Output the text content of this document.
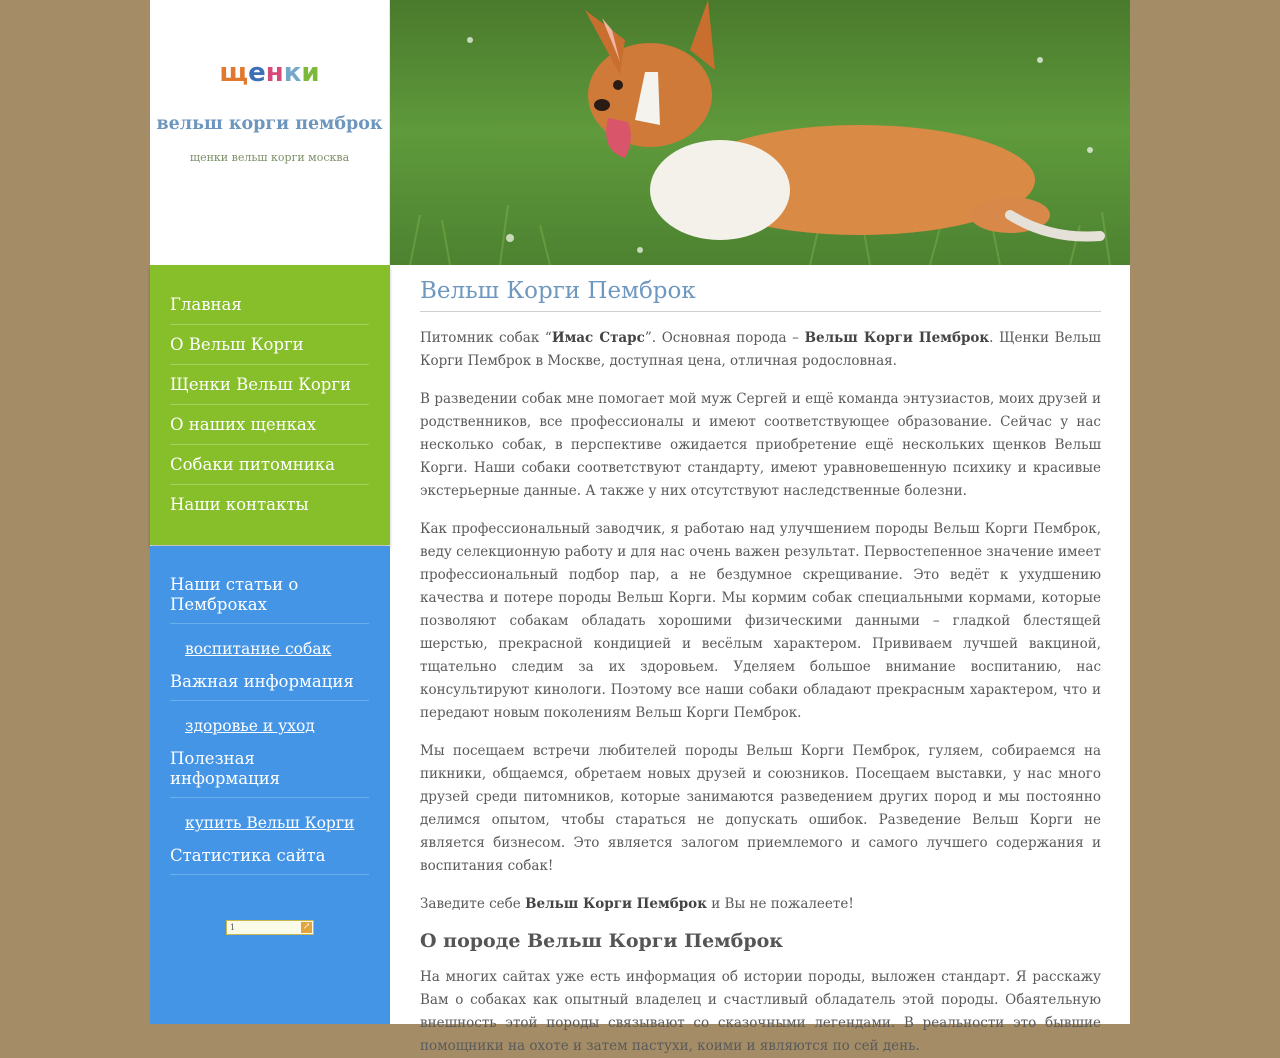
щенки
вельш корги пемброк
щенки вельш корги москва
Главная
О Вельш Корги
Щенки Вельш Корги
О наших щенках
Собаки питомника
Наши контакты
Наши статьи о Пемброках
воспитание собак
Важная информация
здоровье и уход
Полезная информация
купить Вельш Корги
Статистика сайта
1	↗
Вельш Корги Пемброк

Питомник собак “Имас Старс”. Основная порода – Вельш Корги Пемброк. Щенки Вельш Корги Пемброк в Москве, доступная цена, отличная родословная.

В разведении собак мне помогает мой муж Сергей и ещё команда энтузиастов, моих друзей и родственников, все профессионалы и имеют соответствующее образование. Сейчас у нас несколько собак, в перспективе ожидается приобретение ещё нескольких щенков Вельш Корги. Наши собаки соответствуют стандарту, имеют уравновешенную психику и красивые экстерьерные данные. А также у них отсутствуют наследственные болезни.

Как профессиональный заводчик, я работаю над улучшением породы Вельш Корги Пемброк, веду селекционную работу и для нас очень важен результат. Первостепенное значение имеет профессиональный подбор пар, а не бездумное скрещивание. Это ведёт к ухудшению качества и потере породы Вельш Корги. Мы кормим собак специальными кормами, которые позволяют собакам обладать хорошими физическими данными – гладкой блестящей шерстью, прекрасной кондицией и весёлым характером. Прививаем лучшей вакциной, тщательно следим за их здоровьем. Уделяем большое внимание воспитанию, нас консультируют кинологи. Поэтому все наши собаки обладают прекрасным характером, что и передают новым поколениям Вельш Корги Пемброк.

Мы посещаем встречи любителей породы Вельш Корги Пемброк, гуляем, собираемся на пикники, общаемся, обретаем новых друзей и союзников. Посещаем выставки, у нас много друзей среди питомников, которые занимаются разведением других пород и мы постоянно делимся опытом, чтобы стараться не допускать ошибок. Разведение Вельш Корги не является бизнесом. Это является залогом приемлемого и самого лучшего содержания и воспитания собак!

Заведите себе Вельш Корги Пемброк и Вы не пожалеете!

О породе Вельш Корги Пемброк

На многих сайтах уже есть информация об истории породы, выложен стандарт. Я расскажу Вам о собаках как опытный владелец и счастливый обладатель этой породы. Обаятельную внешность этой породы связывают со сказочными легендами. В реальности это бывшие помощники на охоте и затем пастухи, коими и являются по сей день.
